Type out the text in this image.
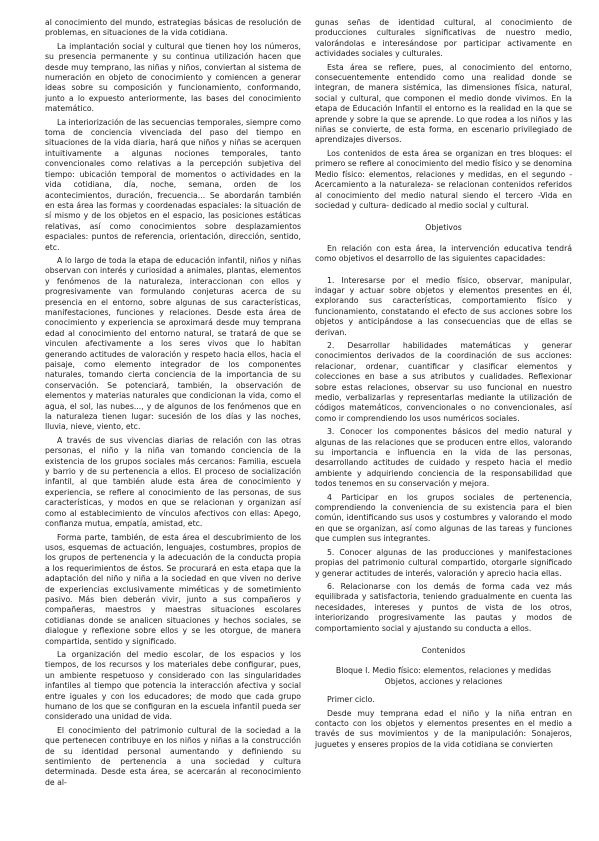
al conocimiento del mundo, estrategias básicas de resolución de problemas, en situaciones de la vida cotidiana.

La implantación social y cultural que tienen hoy los números, su presencia permanente y su continua utilización hacen que desde muy temprano, las niñas y niños, conviertan al sistema de numeración en objeto de conocimiento y comiencen a generar ideas sobre su composición y funcionamiento, conformando, junto a lo expuesto anteriormente, las bases del conocimiento matemático.

La interiorización de las secuencias temporales, siempre como toma de conciencia vivenciada del paso del tiempo en situaciones de la vida diaria, hará que niños y niñas se acerquen intuitivamente a algunas nociones temporales, tanto convencionales como relativas a la percepción subjetiva del tiempo: ubicación temporal de momentos o actividades en la vida cotidiana, día, noche, semana, orden de los acontecimientos, duración, frecuencia... Se abordarán también en esta área las formas y coordenadas espaciales: la situación de sí mismo y de los objetos en el espacio, las posiciones estáticas relativas, así como conocimientos sobre desplazamientos espaciales: puntos de referencia, orientación, dirección, sentido, etc.

A lo largo de toda la etapa de educación infantil, niños y niñas observan con interés y curiosidad a animales, plantas, elementos y fenómenos de la naturaleza, interaccionan con ellos y progresivamente van formulando conjeturas acerca de su presencia en el entorno, sobre algunas de sus características, manifestaciones, funciones y relaciones. Desde esta área de conocimiento y experiencia se aproximará desde muy temprana edad al conocimiento del entorno natural, se tratará de que se vinculen afectivamente a los seres vivos que lo habitan generando actitudes de valoración y respeto hacia ellos, hacia el paisaje, como elemento integrador de los componentes naturales, tomando cierta conciencia de la importancia de su conservación. Se potenciará, también, la observación de elementos y materias naturales que condicionan la vida, como el agua, el sol, las nubes..., y de algunos de los fenómenos que en la naturaleza tienen lugar: sucesión de los días y las noches, lluvia, nieve, viento, etc.

A través de sus vivencias diarias de relación con las otras personas, el niño y la niña van tomando conciencia de la existencia de los grupos sociales más cercanos: Familia, escuela y barrio y de su pertenencia a ellos. El proceso de socialización infantil, al que también alude esta área de conocimiento y experiencia, se refiere al conocimiento de las personas, de sus características, y modos en que se relacionan y organizan así como al establecimiento de vínculos afectivos con ellas: Apego, confianza mutua, empatía, amistad, etc.

Forma parte, también, de esta área el descubrimiento de los usos, esquemas de actuación, lenguajes, costumbres, propios de los grupos de pertenencia y la adecuación de la conducta propia a los requerimientos de éstos. Se procurará en esta etapa que la adaptación del niño y niña a la sociedad en que viven no derive de experiencias exclusivamente miméticas y de sometimiento pasivo. Más bien deberán vivir, junto a sus compañeros y compañeras, maestros y maestras situaciones escolares cotidianas donde se analicen situaciones y hechos sociales, se dialogue y reflexione sobre ellos y se les otorgue, de manera compartida, sentido y significado.

La organización del medio escolar, de los espacios y los tiempos, de los recursos y los materiales debe configurar, pues, un ambiente respetuoso y considerado con las singularidades infantiles al tiempo que potencia la interacción afectiva y social entre iguales y con los educadores; de modo que cada grupo humano de los que se configuran en la escuela infantil pueda ser considerado una unidad de vida.

El conocimiento del patrimonio cultural de la sociedad a la que pertenecen contribuye en los niños y niñas a la construcción de su identidad personal aumentando y definiendo su sentimiento de pertenencia a una sociedad y cultura determinada. Desde esta área, se acercarán al reconocimiento de al-

gunas señas de identidad cultural, al conocimiento de producciones culturales significativas de nuestro medio, valorándolas e interesándose por participar activamente en actividades sociales y culturales.

Esta área se refiere, pues, al conocimiento del entorno, consecuentemente entendido como una realidad donde se integran, de manera sistémica, las dimensiones física, natural, social y cultural, que componen el medio donde vivimos. En la etapa de Educación Infantil el entorno es la realidad en la que se aprende y sobre la que se aprende. Lo que rodea a los niños y las niñas se convierte, de esta forma, en escenario privilegiado de aprendizajes diversos.

Los contenidos de esta área se organizan en tres bloques: el primero se refiere al conocimiento del medio físico y se denomina Medio físico: elementos, relaciones y medidas, en el segundo -Acercamiento a la naturaleza- se relacionan contenidos referidos al conocimiento del medio natural siendo el tercero -Vida en sociedad y cultura- dedicado al medio social y cultural.

Objetivos

En relación con esta área, la intervención educativa tendrá como objetivos el desarrollo de las siguientes capacidades:

1. Interesarse por el medio físico, observar, manipular, indagar y actuar sobre objetos y elementos presentes en él, explorando sus características, comportamiento físico y funcionamiento, constatando el efecto de sus acciones sobre los objetos y anticipándose a las consecuencias que de ellas se derivan.

2. Desarrollar habilidades matemáticas y generar conocimientos derivados de la coordinación de sus acciones: relacionar, ordenar, cuantificar y clasificar elementos y colecciones en base a sus atributos y cualidades. Reflexionar sobre estas relaciones, observar su uso funcional en nuestro medio, verbalizarlas y representarlas mediante la utilización de códigos matemáticos, convencionales o no convencionales, así como ir comprendiendo los usos numéricos sociales.

3. Conocer los componentes básicos del medio natural y algunas de las relaciones que se producen entre ellos, valorando su importancia e influencia en la vida de las personas, desarrollando actitudes de cuidado y respeto hacia el medio ambiente y adquiriendo conciencia de la responsabilidad que todos tenemos en su conservación y mejora.

4 Participar en los grupos sociales de pertenencia, comprendiendo la conveniencia de su existencia para el bien común, identificando sus usos y costumbres y valorando el modo en que se organizan, así como algunas de las tareas y funciones que cumplen sus integrantes.

5. Conocer algunas de las producciones y manifestaciones propias del patrimonio cultural compartido, otorgarle significado y generar actitudes de interés, valoración y aprecio hacia ellas.

6. Relacionarse con los demás de forma cada vez más equilibrada y satisfactoria, teniendo gradualmente en cuenta las necesidades, intereses y puntos de vista de los otros, interiorizando progresivamente las pautas y modos de comportamiento social y ajustando su conducta a ellos.

Contenidos

Bloque I. Medio físico: elementos, relaciones y medidas

Objetos, acciones y relaciones

Primer ciclo.

Desde muy temprana edad el niño y la niña entran en contacto con los objetos y elementos presentes en el medio a través de sus movimientos y de la manipulación: Sonajeros, juguetes y enseres propios de la vida cotidiana se convierten
